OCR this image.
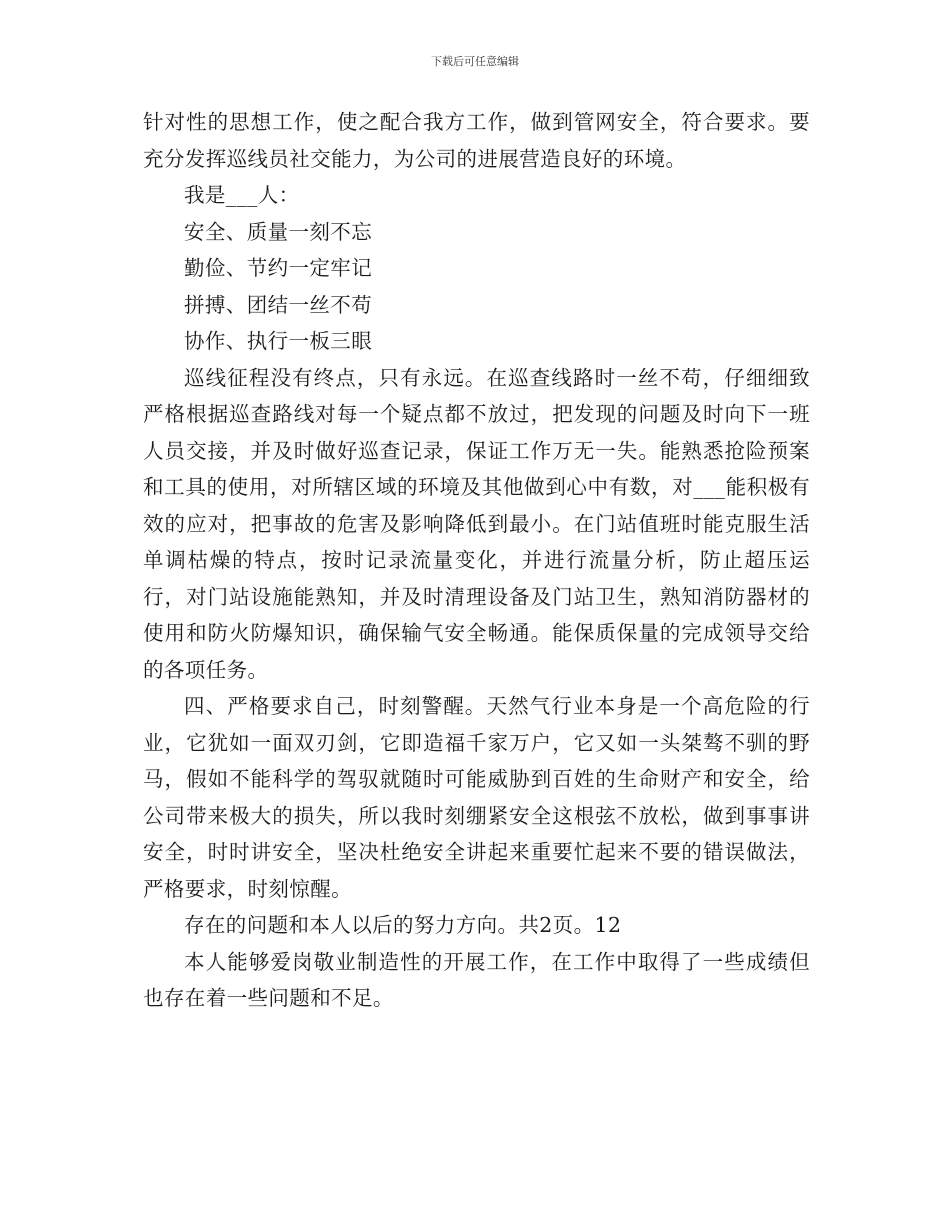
下载后可任意编辑

针对性的思想工作，使之配合我方工作，做到管网安全，符合要求。要充分发挥巡线员社交能力，为公司的进展营造良好的环境。

我是___人：

安全、质量一刻不忘

勤俭、节约一定牢记

拼搏、团结一丝不苟

协作、执行一板三眼

巡线征程没有终点，只有永远。在巡查线路时一丝不苟，仔细细致严格根据巡查路线对每一个疑点都不放过，把发现的问题及时向下一班人员交接，并及时做好巡查记录，保证工作万无一失。能熟悉抢险预案和工具的使用，对所辖区域的环境及其他做到心中有数，对___能积极有效的应对，把事故的危害及影响降低到最小。在门站值班时能克服生活单调枯燥的特点，按时记录流量变化，并进行流量分析，防止超压运行，对门站设施能熟知，并及时清理设备及门站卫生，熟知消防器材的使用和防火防爆知识，确保输气安全畅通。能保质保量的完成领导交给的各项任务。

四、严格要求自己，时刻警醒。天然气行业本身是一个高危险的行业，它犹如一面双刃剑，它即造福千家万户，它又如一头桀骜不驯的野马，假如不能科学的驾驭就随时可能威胁到百姓的生命财产和安全，给公司带来极大的损失，所以我时刻绷紧安全这根弦不放松，做到事事讲安全，时时讲安全，坚决杜绝安全讲起来重要忙起来不要的错误做法，严格要求，时刻惊醒。

存在的问题和本人以后的努力方向。共2页。12

本人能够爱岗敬业制造性的开展工作，在工作中取得了一些成绩但也存在着一些问题和不足。
